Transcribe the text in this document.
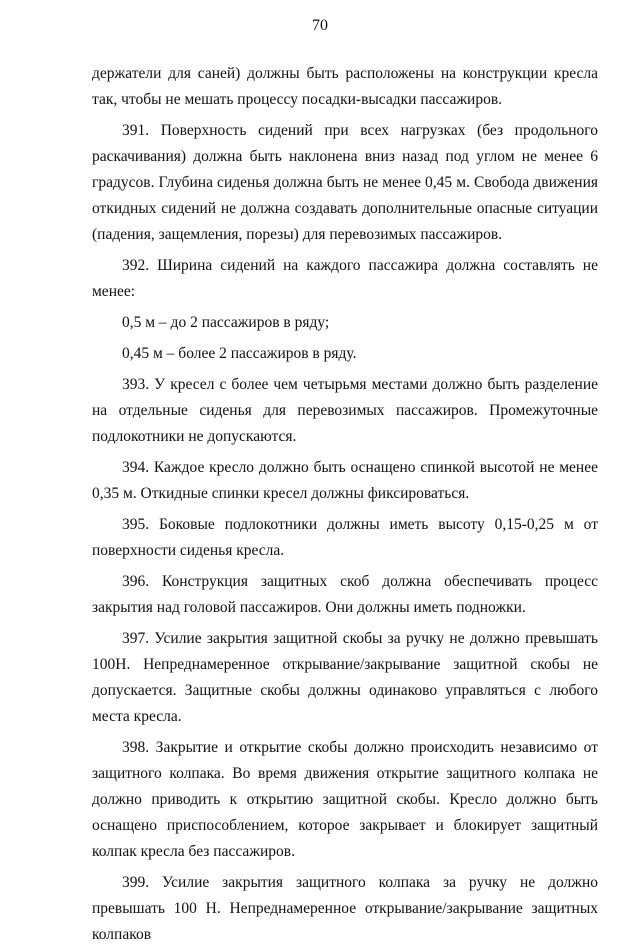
70

держатели для саней) должны быть расположены на конструкции кресла так, чтобы не мешать процессу посадки-высадки пассажиров.

391. Поверхность сидений при всех нагрузках (без продольного раскачивания) должна быть наклонена вниз назад под углом не менее 6 градусов. Глубина сиденья должна быть не менее 0,45 м. Свобода движения откидных сидений не должна создавать дополнительные опасные ситуации (падения, защемления, порезы) для перевозимых пассажиров.

392. Ширина сидений на каждого пассажира должна составлять не менее:

0,5 м – до 2 пассажиров в ряду;

0,45 м – более 2 пассажиров в ряду.

393. У кресел с более чем четырьмя местами должно быть разделение на отдельные сиденья для перевозимых пассажиров. Промежуточные подлокотники не допускаются.

394. Каждое кресло должно быть оснащено спинкой высотой не менее 0,35 м. Откидные спинки кресел должны фиксироваться.

395. Боковые подлокотники должны иметь высоту 0,15-0,25 м от поверхности сиденья кресла.

396. Конструкция защитных скоб должна обеспечивать процесс закрытия над головой пассажиров. Они должны иметь подножки.

397. Усилие закрытия защитной скобы за ручку не должно превышать 100Н. Непреднамеренное открывание/закрывание защитной скобы не допускается. Защитные скобы должны одинаково управляться с любого места кресла.

398. Закрытие и открытие скобы должно происходить независимо от защитного колпака. Во время движения открытие защитного колпака не должно приводить к открытию защитной скобы. Кресло должно быть оснащено приспособлением, которое закрывает и блокирует защитный колпак кресла без пассажиров.

399. Усилие закрытия защитного колпака за ручку не должно превышать 100 Н. Непреднамеренное открывание/закрывание защитных колпаков
